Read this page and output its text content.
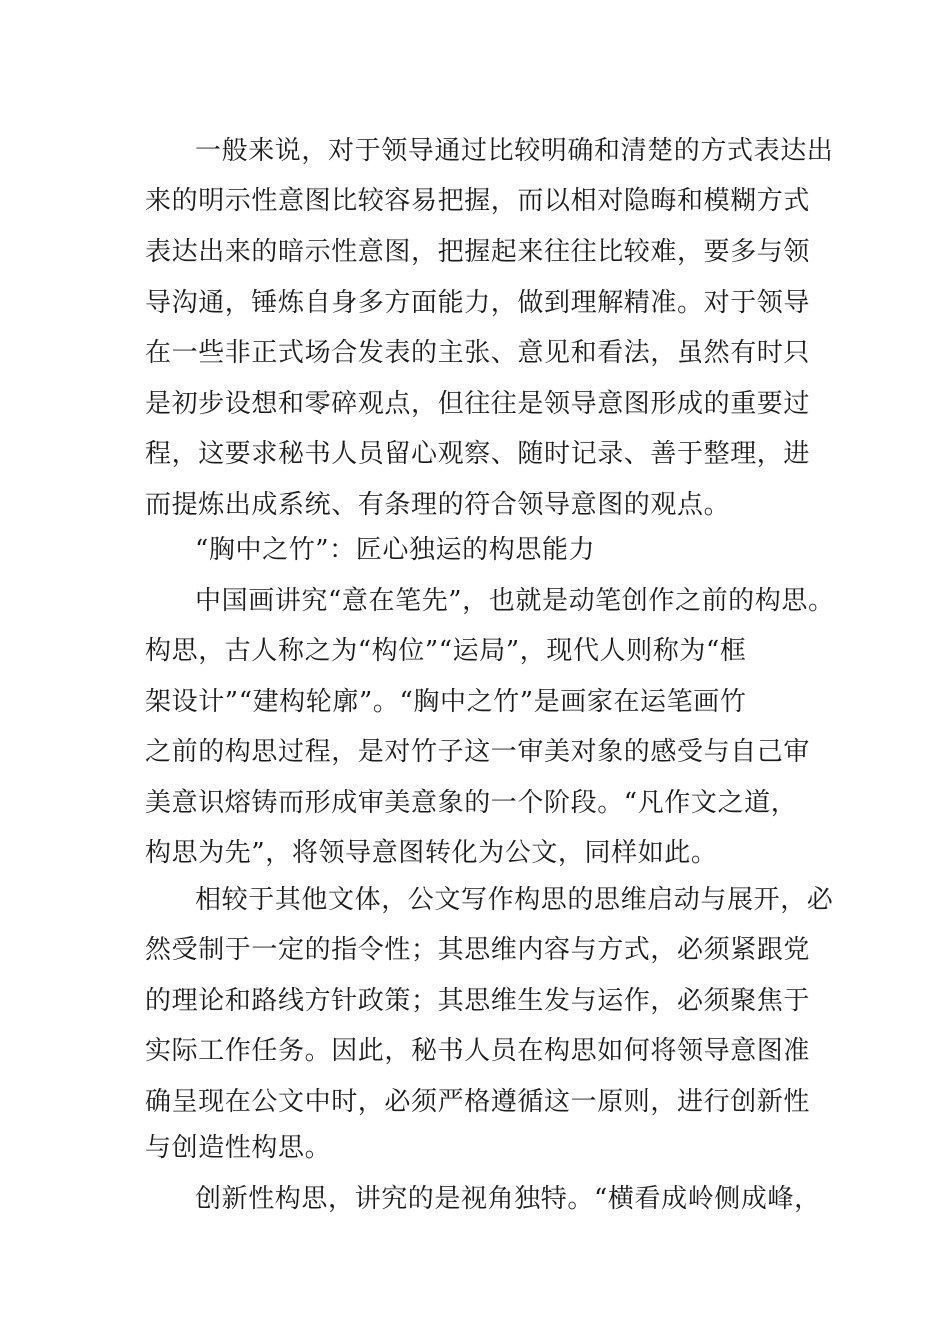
一般来说，对于领导通过比较明确和清楚的方式表达出

来的明示性意图比较容易把握，而以相对隐晦和模糊方式

表达出来的暗示性意图，把握起来往往比较难，要多与领

导沟通，锤炼自身多方面能力，做到理解精准。对于领导

在一些非正式场合发表的主张、意见和看法，虽然有时只

是初步设想和零碎观点，但往往是领导意图形成的重要过

程，这要求秘书人员留心观察、随时记录、善于整理，进

而提炼出成系统、有条理的符合领导意图的观点。

“胸中之竹”：匠心独运的构思能力

中国画讲究“意在笔先”，也就是动笔创作之前的构思。

构思，古人称之为“构位”“运局”，现代人则称为“框

架设计”“建构轮廓”。“胸中之竹”是画家在运笔画竹

之前的构思过程，是对竹子这一审美对象的感受与自己审

美意识熔铸而形成审美意象的一个阶段。“凡作文之道，

构思为先”，将领导意图转化为公文，同样如此。

相较于其他文体，公文写作构思的思维启动与展开，必

然受制于一定的指令性；其思维内容与方式，必须紧跟党

的理论和路线方针政策；其思维生发与运作，必须聚焦于

实际工作任务。因此，秘书人员在构思如何将领导意图准

确呈现在公文中时，必须严格遵循这一原则，进行创新性

与创造性构思。

创新性构思，讲究的是视角独特。“横看成岭侧成峰，
